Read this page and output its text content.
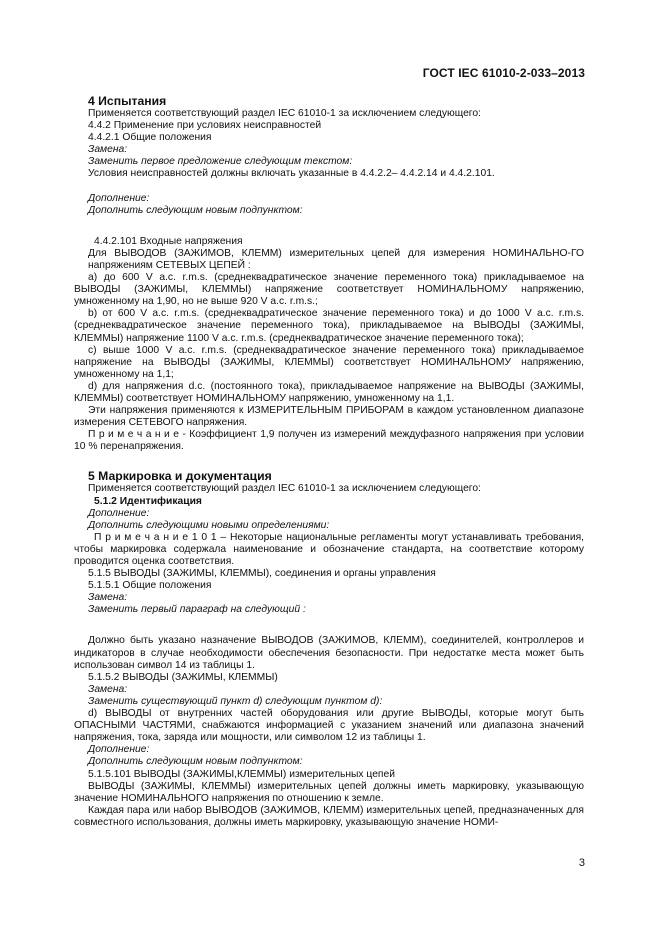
ГОСТ IEC 61010-2-033–2013

4 Испытания

Применяется соответствующий раздел IEC 61010-1 за исключением следующего:

4.4.2 Применение при условиях неисправностей

4.4.2.1 Общие положения

Замена:

Заменить первое предложение следующим текстом:

Условия неисправностей должны включать указанные в 4.4.2.2– 4.4.2.14 и 4.4.2.101.

Дополнение:

Дополнить следующим новым подпунктом:

4.4.2.101 Входные напряжения

Для ВЫВОДОВ (ЗАЖИМОВ, КЛЕММ) измерительных цепей для измерения НОМИНАЛЬНО-ГО напряжениям СЕТЕВЫХ ЦЕПЕЙ :

a) до 600 V a.c. r.m.s. (среднеквадратическое значение переменного тока) прикладываемое на ВЫВОДЫ (ЗАЖИМЫ, КЛЕММЫ) напряжение соответствует НОМИНАЛЬНОМУ напряжению, умноженному на 1,90, но не выше 920 V a.c. r.m.s.;

b) от 600 V a.c. r.m.s. (среднеквадратическое значение переменного тока) и до 1000 V a.c. r.m.s.(среднеквадратическое значение переменного тока), прикладываемое на ВЫВОДЫ (ЗАЖИМЫ, КЛЕММЫ) напряжение 1100 V a.c. r.m.s. (среднеквадратическое значение переменного тока);

c) выше 1000 V a.c. r.m.s. (среднеквадратическое значение переменного тока) прикладываемое напряжение на ВЫВОДЫ (ЗАЖИМЫ, КЛЕММЫ) соответствует НОМИНАЛЬНОМУ напряжению, умноженному на 1,1;

d) для напряжения d.c. (постоянного тока), прикладываемое напряжение на ВЫВОДЫ (ЗАЖИМЫ, КЛЕММЫ) соответствует НОМИНАЛЬНОМУ напряжению, умноженному на 1,1.

Эти напряжения применяются к ИЗМЕРИТЕЛЬНЫМ ПРИБОРАМ в каждом установленном диапазоне измерения СЕТЕВОГО напряжения.

П р и м е ч а н и е - Коэффициент 1,9 получен из измерений междуфазного напряжения при условии 10 % перенапряжения.

5 Маркировка и документация

Применяется соответствующий раздел IEC 61010-1 за исключением следующего:

5.1.2 Идентификация

Дополнение:

Дополнить следующими новыми определениями:

П р и м е ч а н и е 1 0 1 – Некоторые национальные регламенты могут устанавливать требования, чтобы маркировка содержала наименование и обозначение стандарта, на соответствие которому проводится оценка соответствия.

5.1.5 ВЫВОДЫ (ЗАЖИМЫ, КЛЕММЫ), соединения и органы управления

5.1.5.1 Общие положения

Замена:

Заменить первый параграф на следующий :

Должно быть указано назначение ВЫВОДОВ (ЗАЖИМОВ, КЛЕММ), соединителей, контроллеров и индикаторов в случае необходимости обеспечения безопасности. При недостатке места может быть использован символ 14 из таблицы 1.

5.1.5.2 ВЫВОДЫ (ЗАЖИМЫ, КЛЕММЫ)

Замена:

Заменить существующий пункт d) следующим пунктом d):

d) ВЫВОДЫ от внутренних частей оборудования или другие ВЫВОДЫ, которые могут быть ОПАСНЫМИ ЧАСТЯМИ, снабжаются информацией с указанием значений или диапазона значений напряжения, тока, заряда или мощности, или символом 12 из таблицы 1.

Дополнение:

Дополнить следующим новым подпунктом:

5.1.5.101 ВЫВОДЫ (ЗАЖИМЫ,КЛЕММЫ) измерительных цепей

ВЫВОДЫ (ЗАЖИМЫ, КЛЕММЫ) измерительных цепей должны иметь маркировку, указывающую значение НОМИНАЛЬНОГО напряжения по отношению к земле.

Каждая пара или набор ВЫВОДОВ (ЗАЖИМОВ, КЛЕММ) измерительных цепей, предназначенных для совместного использования, должны иметь маркировку, указывающую значение НОМИ-

3
